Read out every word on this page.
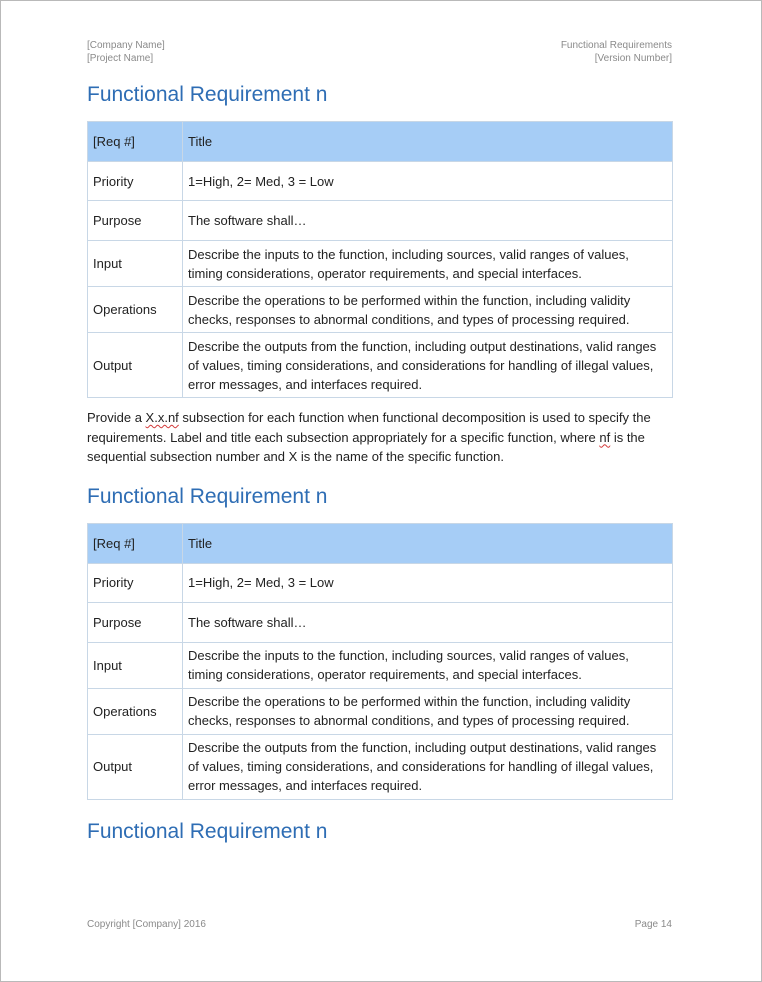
[Company Name]
[Project Name]
Functional Requirements
[Version Number]
Functional Requirement n
[Req #]	Title
Priority	1=High, 2= Med, 3 = Low
Purpose	The software shall…
Input	Describe the inputs to the function, including sources, valid ranges of values, timing considerations, operator requirements, and special interfaces.
Operations	Describe the operations to be performed within the function, including validity checks, responses to abnormal conditions, and types of processing required.
Output	Describe the outputs from the function, including output destinations, valid ranges of values, timing considerations, and considerations for handling of illegal values, error messages, and interfaces required.

Provide a X.x.nf subsection for each function when functional decomposition is used to specify the requirements. Label and title each subsection appropriately for a specific function, where nf is the sequential subsection number and X is the name of the specific function.

Functional Requirement n
[Req #]	Title
Priority	1=High, 2= Med, 3 = Low
Purpose	The software shall…
Input	Describe the inputs to the function, including sources, valid ranges of values, timing considerations, operator requirements, and special interfaces.
Operations	Describe the operations to be performed within the function, including validity checks, responses to abnormal conditions, and types of processing required.
Output	Describe the outputs from the function, including output destinations, valid ranges of values, timing considerations, and considerations for handling of illegal values, error messages, and interfaces required.
Functional Requirement n
Copyright [Company] 2016	Page 14
